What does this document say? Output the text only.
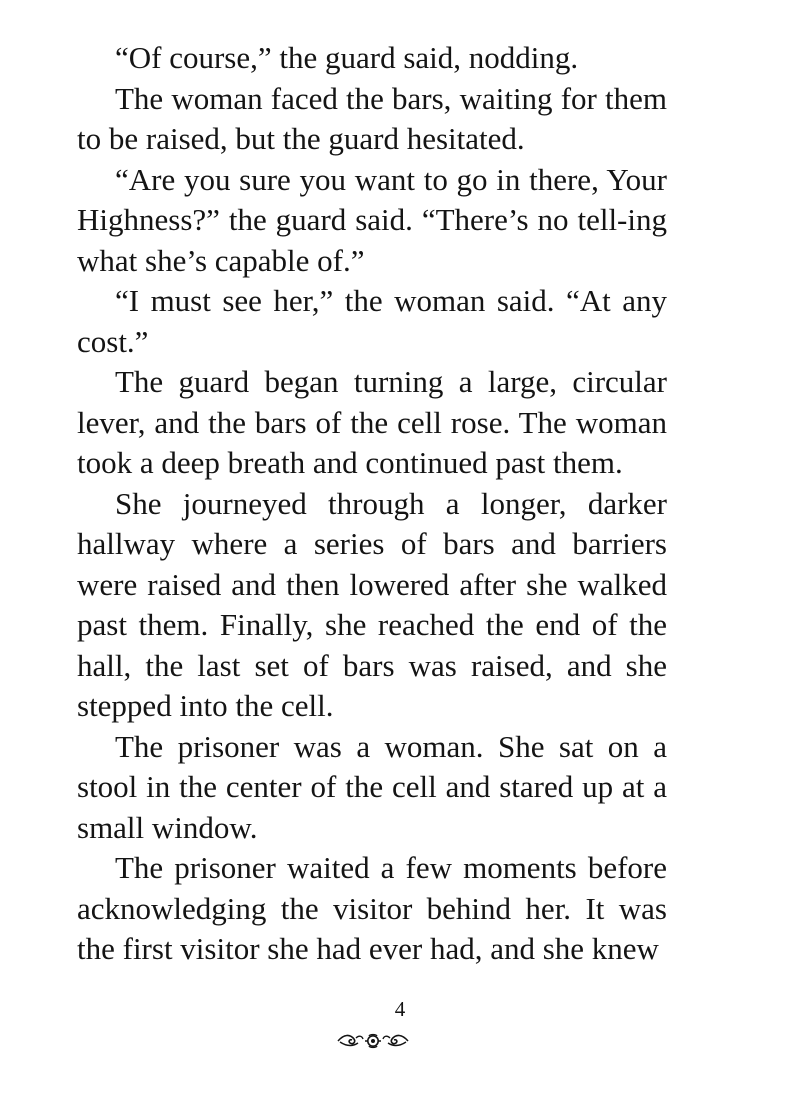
“Of course,” the guard said, nodding.

The woman faced the bars, waiting for them to be raised, but the guard hesitated.

“Are you sure you want to go in there, Your Highness?” the guard said. “There’s no tell-ing what she’s capable of.”

“I must see her,” the woman said. “At any cost.”

The guard began turning a large, circular lever, and the bars of the cell rose. The woman took a deep breath and continued past them.

She journeyed through a longer, darker hallway where a series of bars and barriers were raised and then lowered after she walked past them. Finally, she reached the end of the hall, the last set of bars was raised, and she stepped into the cell.

The prisoner was a woman. She sat on a stool in the center of the cell and stared up at a small window.

The prisoner waited a few moments before acknowledging the visitor behind her. It was the first visitor she had ever had, and she knew

4
